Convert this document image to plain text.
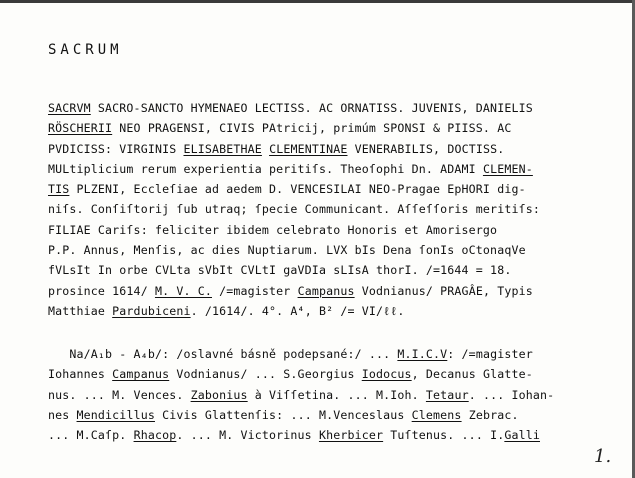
SACRUM
SACRVM SACRO-SANCTO HYMENAEO LECTISS. AC ORNATISS. JUVENIS, DANIELIS
RÖSCHERII NEO PRAGENSI, CIVIS PAtricij, primúm SPONSI & PIISS. AC
PVDICISS: VIRGINIS ELISABETHAE CLEMENTINAE VENERABILIS, DOCTISS.
MULtiplicium rerum experientia peritiſs. Theoſophi Dn. ADAMI CLEMEN-
TIS PLZENI, Eccleſiae ad aedem D. VENCESILAI NEO-Pragae EpHORI dig-
niſs. Conſiſtorij ſub utraq; ſpecie Communicant. Aſſeſſoris meritiſs:
FILIAE Cariſs: feliciter ibidem celebrato Honoris et Amorisergo
P.P. Annus, Menſis, ac dies Nuptiarum. LVX bIs Dena ſonIs oCtonaqVe
fVLsIt In orbe CVLta sVbIt CVLtI gaVDIa sLIsA thorI. /=1644 = 18.
prosince 1614/ M. V. C. /=magister Campanus Vodnianus/ PRAGÂE, Typis
Matthiae Pardubiceni. /1614/. 4°. A⁴, B² /= VI/ℓℓ.
Na/A₁b - A₄b/: /oslavné básně podepsané:/ ... M.I.C.V: /=magister
Iohannes Campanus Vodnianus/ ... S.Georgius Iodocus, Decanus Glatte-
nus. ... M. Vences. Zabonius à Viſſetina. ... M.Ioh. Tetaur. ... Iohan-
nes Mendicillus Civis Glattenſis: ... M.Venceslaus Clemens Zebrac.
... M.Caſp. Rhacop. ... M. Victorinus Kherbicer Tuſtenus. ... I.Galli
1.
